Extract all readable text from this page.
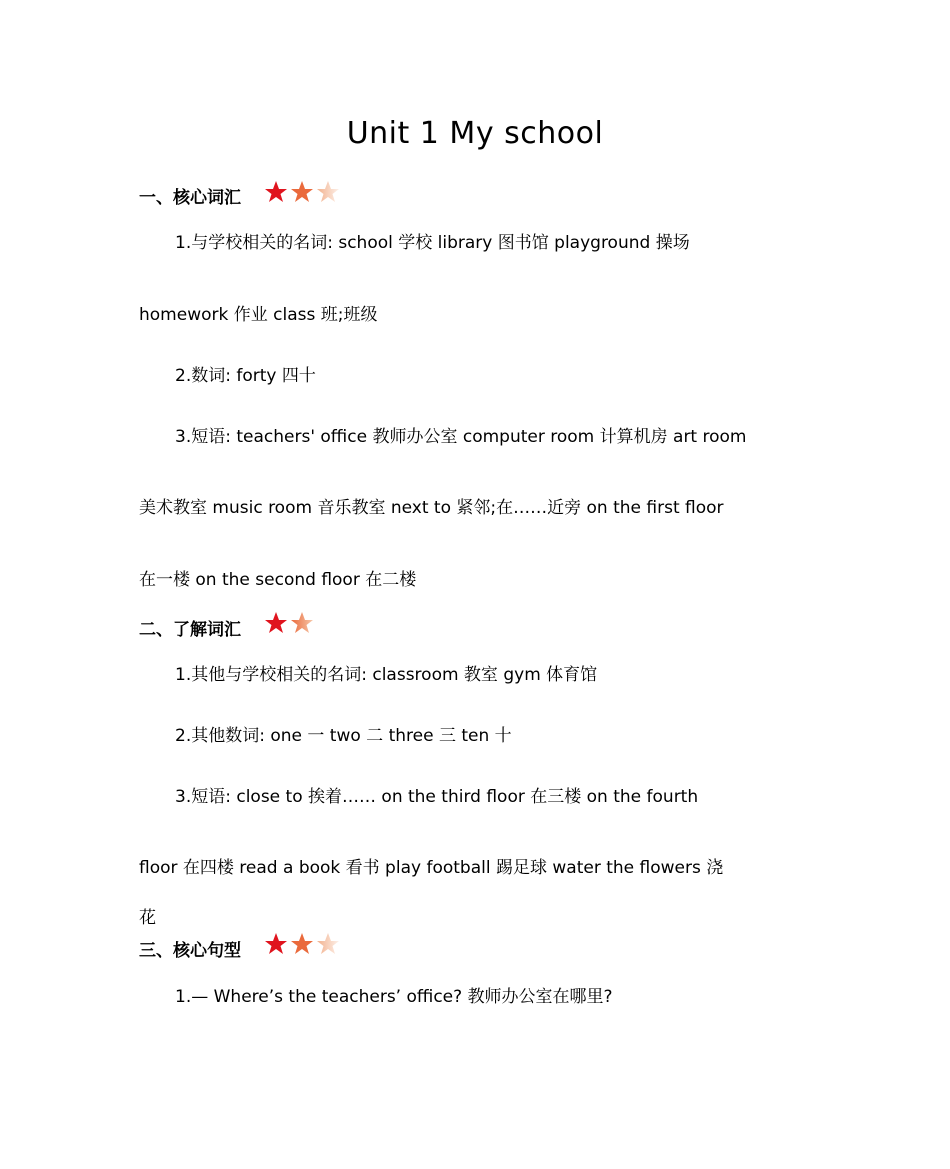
Unit 1 My school
一、核心词汇
1.与学校相关的名词: school 学校 library 图书馆 playground 操场
homework 作业 class 班;班级
2.数词: forty 四十
3.短语: teachers' office 教师办公室 computer room 计算机房 art room
美术教室 music room 音乐教室 next to 紧邻;在……近旁 on the first floor
在一楼 on the second floor 在二楼
二、了解词汇
1.其他与学校相关的名词: classroom 教室 gym 体育馆
2.其他数词: one 一 two 二 three 三 ten 十
3.短语: close to 挨着…… on the third floor 在三楼 on the fourth
floor 在四楼 read a book 看书 play football 踢足球 water the flowers 浇
花
三、核心句型
1.— Where’s the teachers’ office? 教师办公室在哪里?
